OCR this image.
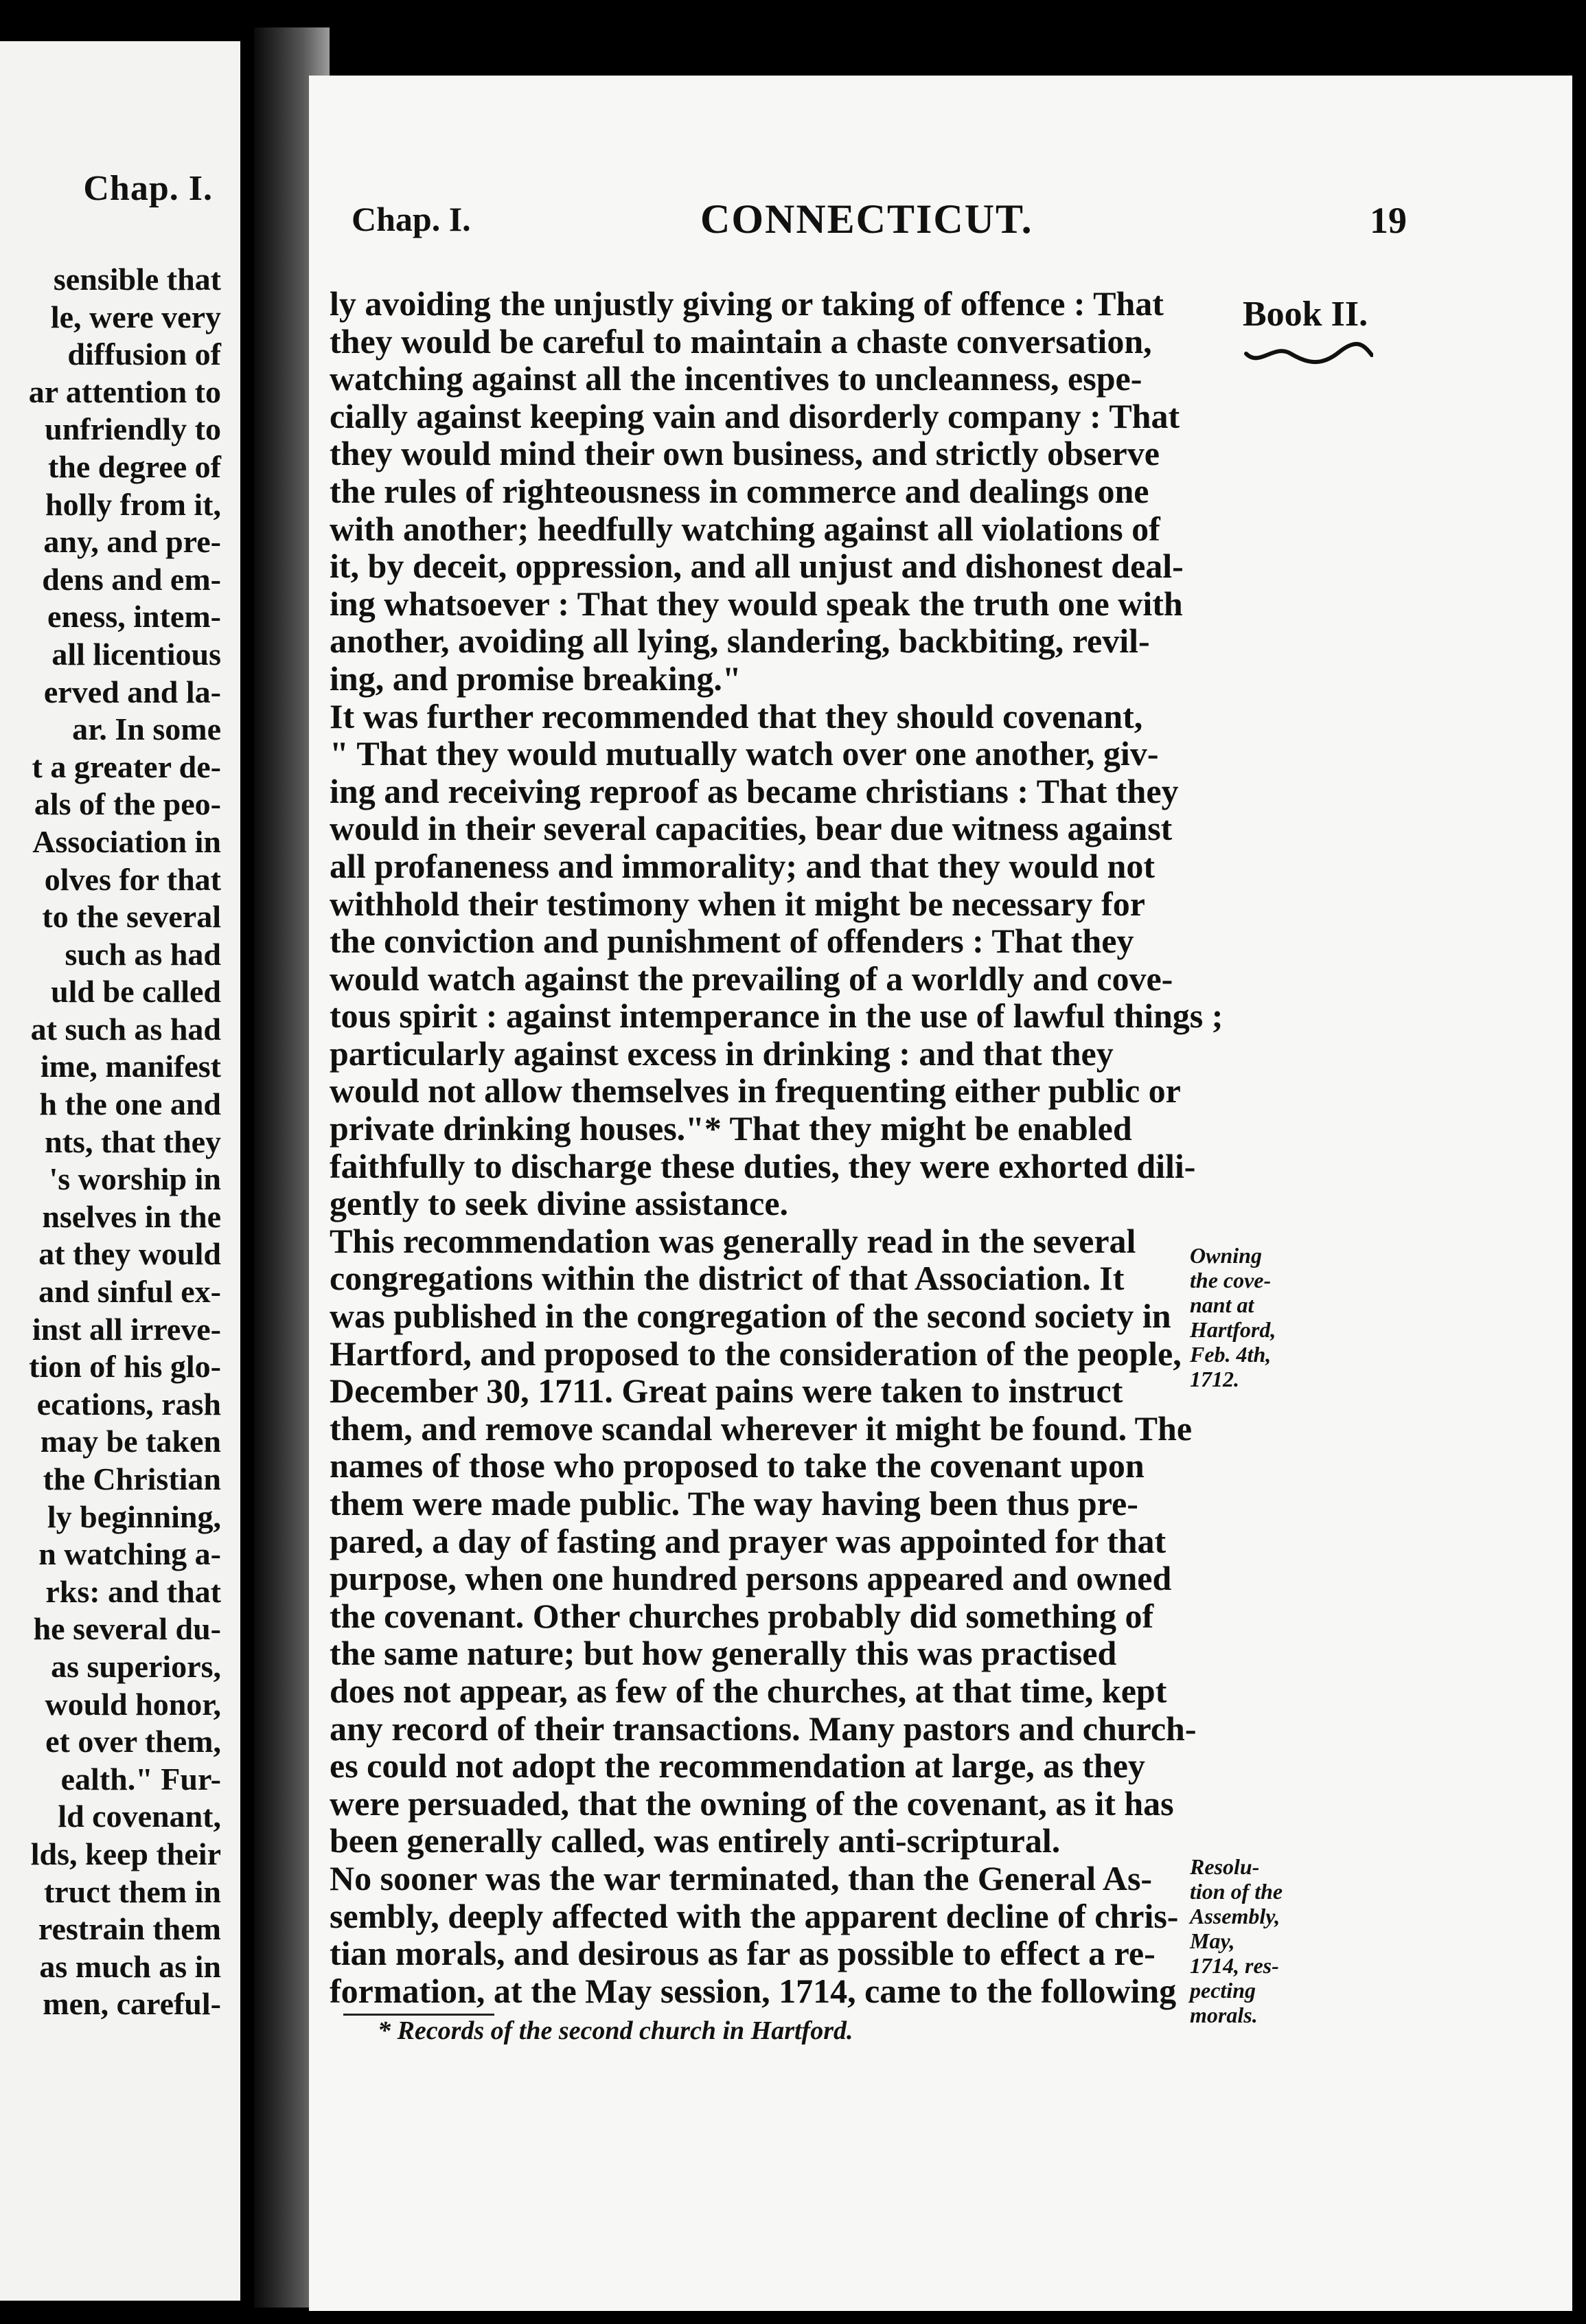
Chap. I.
sensible that
le, were very
diffusion of
ar attention to
unfriendly to
the degree of
holly from it,
any, and pre-
dens and em-
eness, intem-
all licentious
erved and la-
ar. In some
t a greater de-
als of the peo-
Association in
olves for that
to the several
such as had
uld be called
at such as had
ime, manifest
h the one and
nts, that they
's worship in
nselves in the
at they would
and sinful ex-
inst all irreve-
tion of his glo-
ecations, rash
may be taken
the Christian
ly beginning,
n watching a-
rks: and that
he several du-
as superiors,
would honor,
et over them,
ealth." Fur-
ld covenant,
lds, keep their
truct them in
restrain them
as much as in
men, careful-
Chap. I.	CONNECTICUT.	19
Book II.
ly avoiding the unjustly giving or taking of offence : That
they would be careful to maintain a chaste conversation,
watching against all the incentives to uncleanness, espe-
cially against keeping vain and disorderly company : That
they would mind their own business, and strictly observe
the rules of righteousness in commerce and dealings one
with another; heedfully watching against all violations of
it, by deceit, oppression, and all unjust and dishonest deal-
ing whatsoever : That they would speak the truth one with
another, avoiding all lying, slandering, backbiting, revil-
ing, and promise breaking."
It was further recommended that they should covenant,
" That they would mutually watch over one another, giv-
ing and receiving reproof as became christians : That they
would in their several capacities, bear due witness against
all profaneness and immorality; and that they would not
withhold their testimony when it might be necessary for
the conviction and punishment of offenders : That they
would watch against the prevailing of a worldly and cove-
tous spirit : against intemperance in the use of lawful things ;
particularly against excess in drinking : and that they
would not allow themselves in frequenting either public or
private drinking houses."* That they might be enabled
faithfully to discharge these duties, they were exhorted dili-
gently to seek divine assistance.
This recommendation was generally read in the several
congregations within the district of that Association. It
was published in the congregation of the second society in
Hartford, and proposed to the consideration of the people,
December 30, 1711. Great pains were taken to instruct
them, and remove scandal wherever it might be found. The
names of those who proposed to take the covenant upon
them were made public. The way having been thus pre-
pared, a day of fasting and prayer was appointed for that
purpose, when one hundred persons appeared and owned
the covenant. Other churches probably did something of
the same nature; but how generally this was practised
does not appear, as few of the churches, at that time, kept
any record of their transactions. Many pastors and church-
es could not adopt the recommendation at large, as they
were persuaded, that the owning of the covenant, as it has
been generally called, was entirely anti-scriptural.
No sooner was the war terminated, than the General As-
sembly, deeply affected with the apparent decline of chris-
tian morals, and desirous as far as possible to effect a re-
formation, at the May session, 1714, came to the following
* Records of the second church in Hartford.
Owning
the cove-
nant at
Hartford,
Feb. 4th,
1712.
Resolu-
tion of the
Assembly,
May,
1714, res-
pecting
morals.
